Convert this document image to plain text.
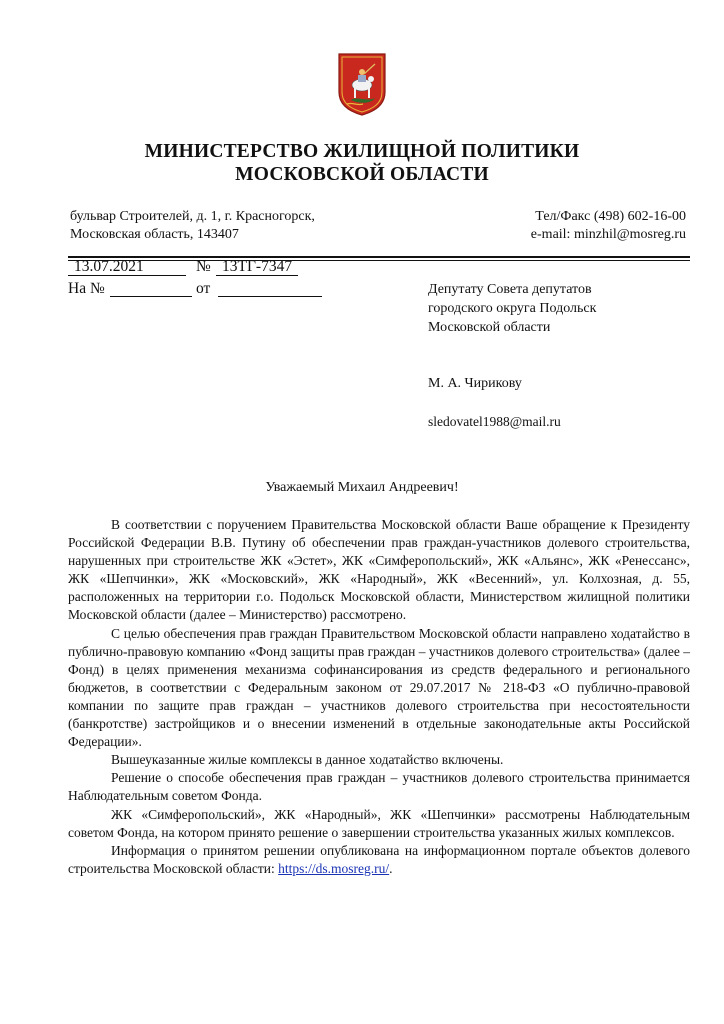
МИНИСТЕРСТВО ЖИЛИЩНОЙ ПОЛИТИКИ
МОСКОВСКОЙ ОБЛАСТИ
бульвар Строителей, д. 1, г. Красногорск,
Московская область, 143407
Тел/Факс (498) 602-16-00
e-mail: minzhil@mosreg.ru
13.07.2021	№ 13ТГ-7347
На №	от	Депутату Совета депутатов
городского округа Подольск
Московской области
М. А. Чирикову
sledovatel1988@mail.ru
Уважаемый Михаил Андреевич!

В соответствии с поручением Правительства Московской области Ваше обращение к Президенту Российской Федерации В.В. Путину об обеспечении прав граждан-участников долевого строительства, нарушенных при строительстве ЖК «Эстет», ЖК «Симферопольский», ЖК «Альянс», ЖК «Ренессанс», ЖК «Шепчинки», ЖК «Московский», ЖК «Народный», ЖК «Весенний», ул. Колхозная, д. 55, расположенных на территории г.о. Подольск Московской области, Министерством жилищной политики Московской области (далее – Министерство) рассмотрено.

С целью обеспечения прав граждан Правительством Московской области направлено ходатайство в публично-правовую компанию «Фонд защиты прав граждан – участников долевого строительства» (далее – Фонд) в целях применения механизма софинансирования из средств федерального и регионального бюджетов, в соответствии с Федеральным законом от 29.07.2017 № 218-ФЗ «О публично-правовой компании по защите прав граждан – участников долевого строительства при несостоятельности (банкротстве) застройщиков и о внесении изменений в отдельные законодательные акты Российской Федерации».

Вышеуказанные жилые комплексы в данное ходатайство включены.

Решение о способе обеспечения прав граждан – участников долевого строительства принимается Наблюдательным советом Фонда.

ЖК «Симферопольский», ЖК «Народный», ЖК «Шепчинки» рассмотрены Наблюдательным советом Фонда, на котором принято решение о завершении строительства указанных жилых комплексов.

Информация о принятом решении опубликована на информационном портале объектов долевого строительства Московской области: https://ds.mosreg.ru/.
